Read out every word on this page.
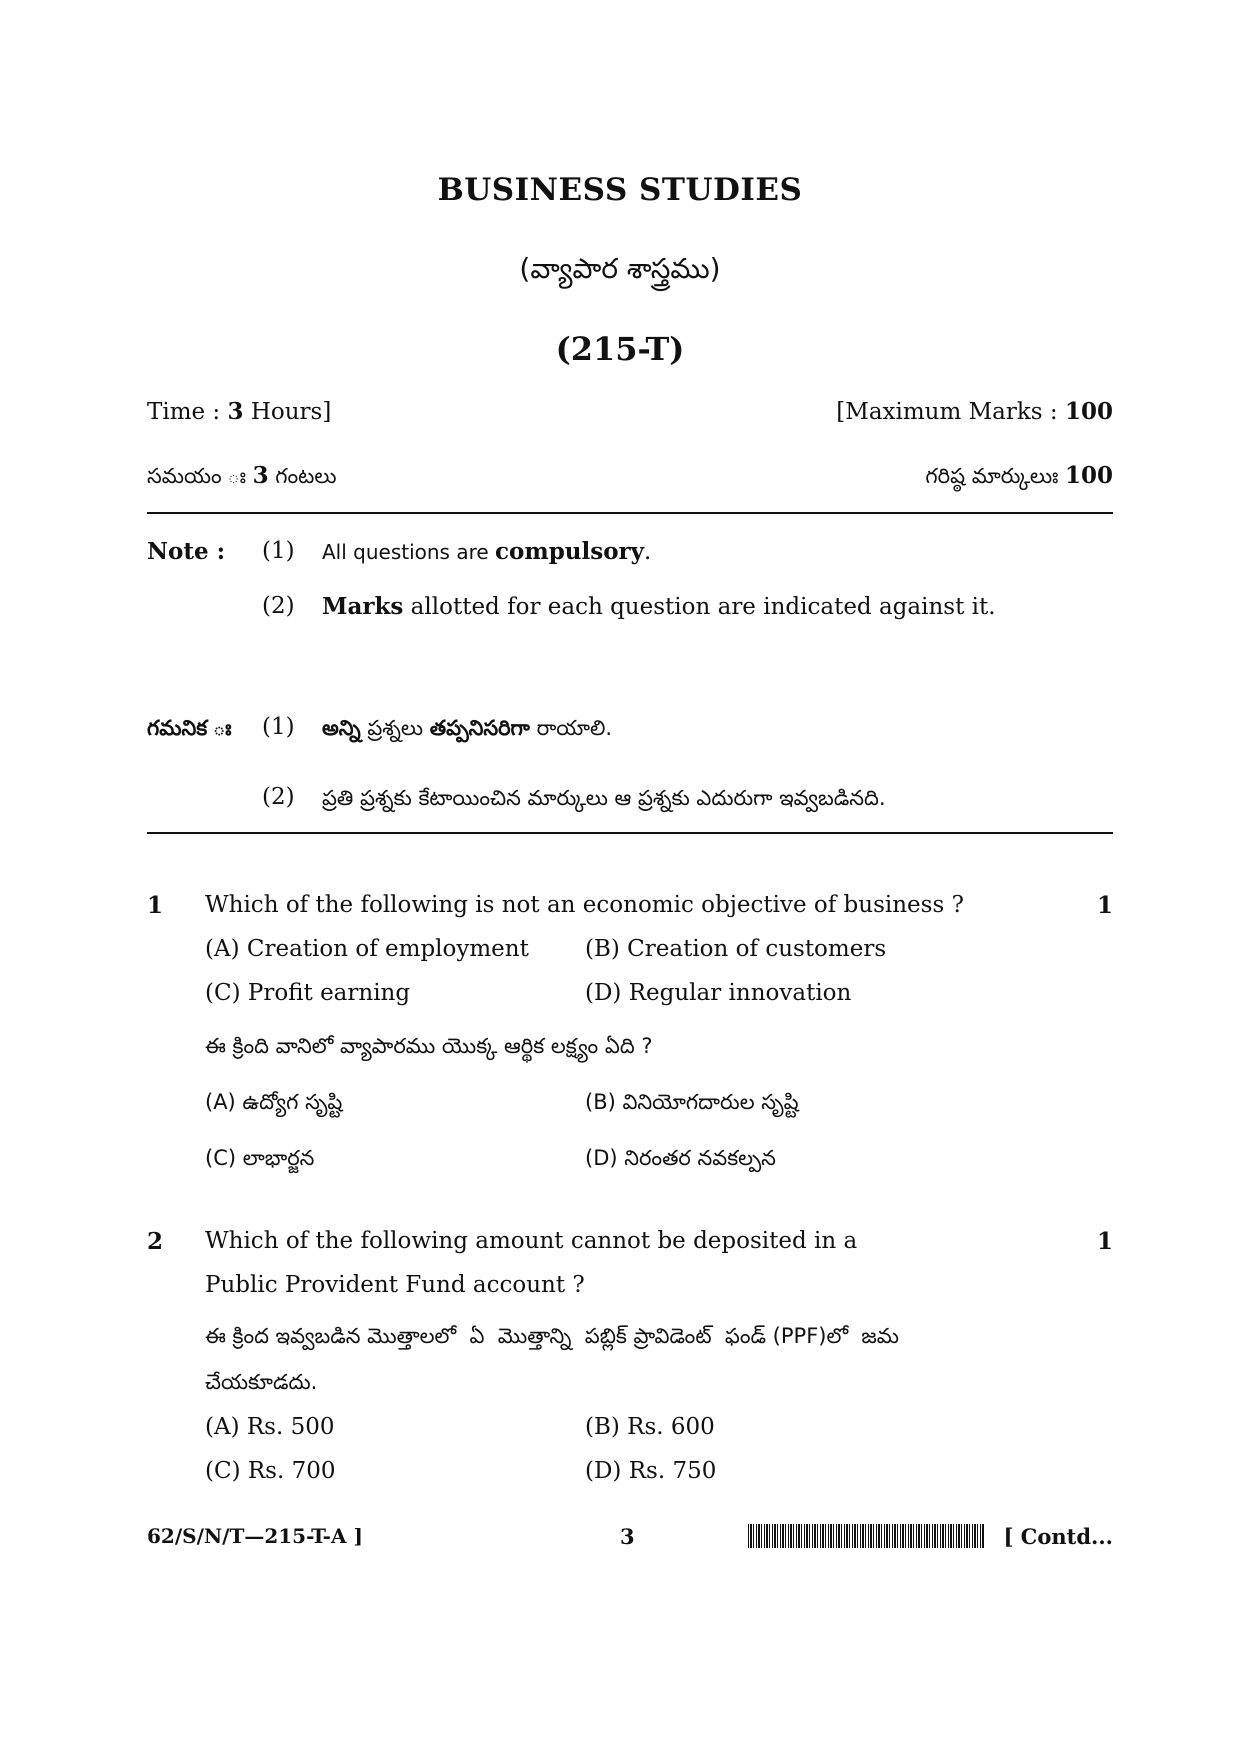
BUSINESS STUDIES
(వ్యాపార శాస్త్రము)
(215-T)
Time : 3 Hours]	[Maximum Marks : 100
సమయం ః 3 గంటలు	గరిష్ఠ మార్కులుః 100
Note : (1) All questions are compulsory.
(2) Marks allotted for each question are indicated against it.
గమనిక ః (1) అన్ని ప్రశ్నలు తప్పనిసరిగా రాయాలి.
(2) ప్రతి ప్రశ్నకు కేటాయించిన మార్కులు ఆ ప్రశ్నకు ఎదురుగా ఇవ్వబడినది.
1 Which of the following is not an economic objective of business ?	1
(A) Creation of employment (B) Creation of customers
(C) Profit earning	(D) Regular innovation
ఈ క్రింది వానిలో వ్యాపారము యొక్క ఆర్థిక లక్ష్యం ఏది ?
(A) ఉద్యోగ సృష్టి	(B) వినియోగదారుల సృష్టి
(C) లాభార్జన	(D) నిరంతర నవకల్పన
2 Which of the following amount cannot be deposited in a	1
Public Provident Fund account ?
ఈ క్రింద ఇవ్వబడిన మొత్తాలలో  ఏ  మొత్తాన్ని  పబ్లిక్ ప్రావిడెంట్  ఫండ్ (PPF)లో  జమ
చేయకూడదు.
(A) Rs. 500	(B) Rs. 600
(C) Rs. 700	(D) Rs. 750
62/S/N/T—215-T-A ]	3	[ Contd...
